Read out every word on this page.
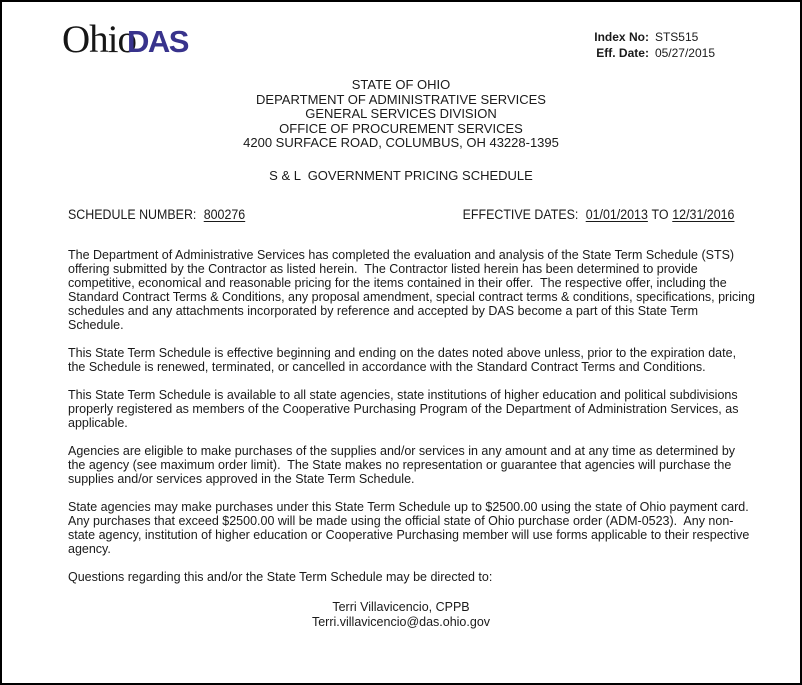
OhioDAS	Index No: STS515
Eff. Date: 05/27/2015
STATE OF OHIO
DEPARTMENT OF ADMINISTRATIVE SERVICES
GENERAL SERVICES DIVISION
OFFICE OF PROCUREMENT SERVICES
4200 SURFACE ROAD, COLUMBUS, OH 43228-1395
S & L  GOVERNMENT PRICING SCHEDULE
SCHEDULE NUMBER: 800276	EFFECTIVE DATES: 01/01/2013 TO 12/31/2016

The Department of Administrative Services has completed the evaluation and analysis of the State Term Schedule (STS) offering submitted by the Contractor as listed herein.  The Contractor listed herein has been determined to provide competitive, economical and reasonable pricing for the items contained in their offer.  The respective offer, including the Standard Contract Terms & Conditions, any proposal amendment, special contract terms & conditions, specifications, pricing schedules and any attachments incorporated by reference and accepted by DAS become a part of this State Term Schedule.

This State Term Schedule is effective beginning and ending on the dates noted above unless, prior to the expiration date, the Schedule is renewed, terminated, or cancelled in accordance with the Standard Contract Terms and Conditions.

This State Term Schedule is available to all state agencies, state institutions of higher education and political subdivisions properly registered as members of the Cooperative Purchasing Program of the Department of Administration Services, as applicable.

Agencies are eligible to make purchases of the supplies and/or services in any amount and at any time as determined by the agency (see maximum order limit).  The State makes no representation or guarantee that agencies will purchase the supplies and/or services approved in the State Term Schedule.

State agencies may make purchases under this State Term Schedule up to $2500.00 using the state of Ohio payment card.  Any purchases that exceed $2500.00 will be made using the official state of Ohio purchase order (ADM-0523).  Any non-state agency, institution of higher education or Cooperative Purchasing member will use forms applicable to their respective agency.

Questions regarding this and/or the State Term Schedule may be directed to:

Terri Villavicencio, CPPB
Terri.villavicencio@das.ohio.gov
